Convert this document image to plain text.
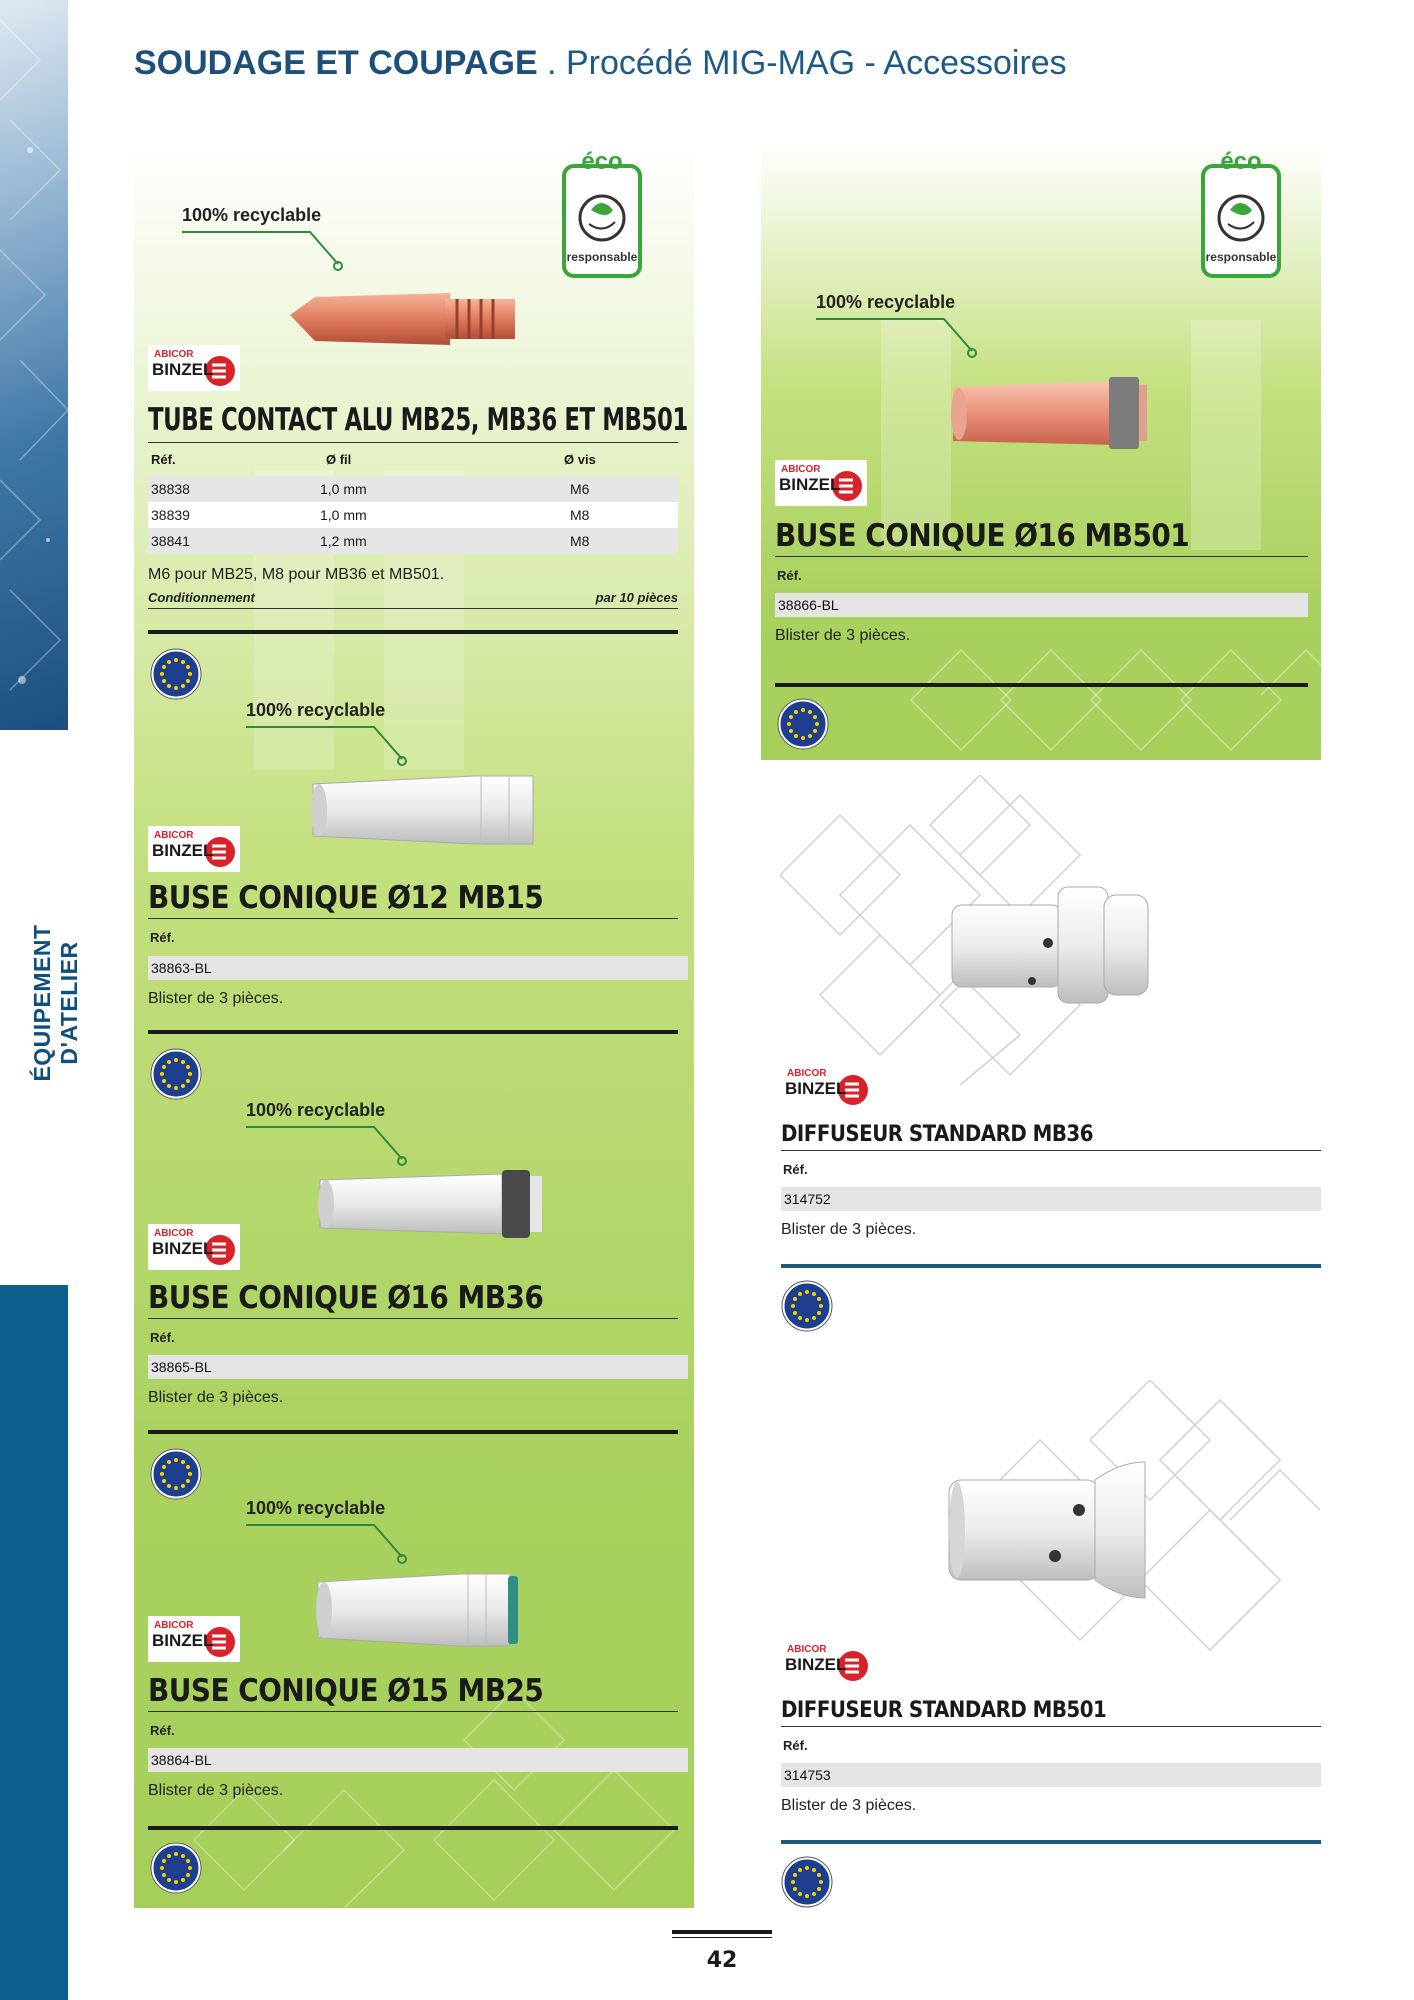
ÉQUIPEMENT D'ATELIER
SOUDAGE ET COUPAGE . Procédé MIG-MAG - Accessoires
éco
responsable
100% recyclable
ABICOR
BINZEL
TUBE CONTACT ALU MB25, MB36 ET MB501
Réf.	Ø fil	Ø vis
38838	1,0 mm	M6
38839	1,0 mm	M8
38841	1,2 mm	M8
M6 pour MB25, M8 pour MB36 et MB501.
Conditionnement	par 10 pièces
100% recyclable
ABICOR
BINZEL
BUSE CONIQUE Ø12 MB15
Réf.
38863-BL
Blister de 3 pièces.
100% recyclable
ABICOR
BINZEL
BUSE CONIQUE Ø16 MB36
Réf.
38865-BL
Blister de 3 pièces.
100% recyclable
ABICOR
BINZEL
BUSE CONIQUE Ø15 MB25
Réf.
38864-BL
Blister de 3 pièces.
éco
responsable
100% recyclable
ABICOR
BINZEL
BUSE CONIQUE Ø16 MB501
Réf.
38866-BL
Blister de 3 pièces.
ABICOR
BINZEL
DIFFUSEUR STANDARD MB36
Réf.
314752
Blister de 3 pièces.
ABICOR
BINZEL
DIFFUSEUR STANDARD MB501
Réf.
314753
Blister de 3 pièces.
42
